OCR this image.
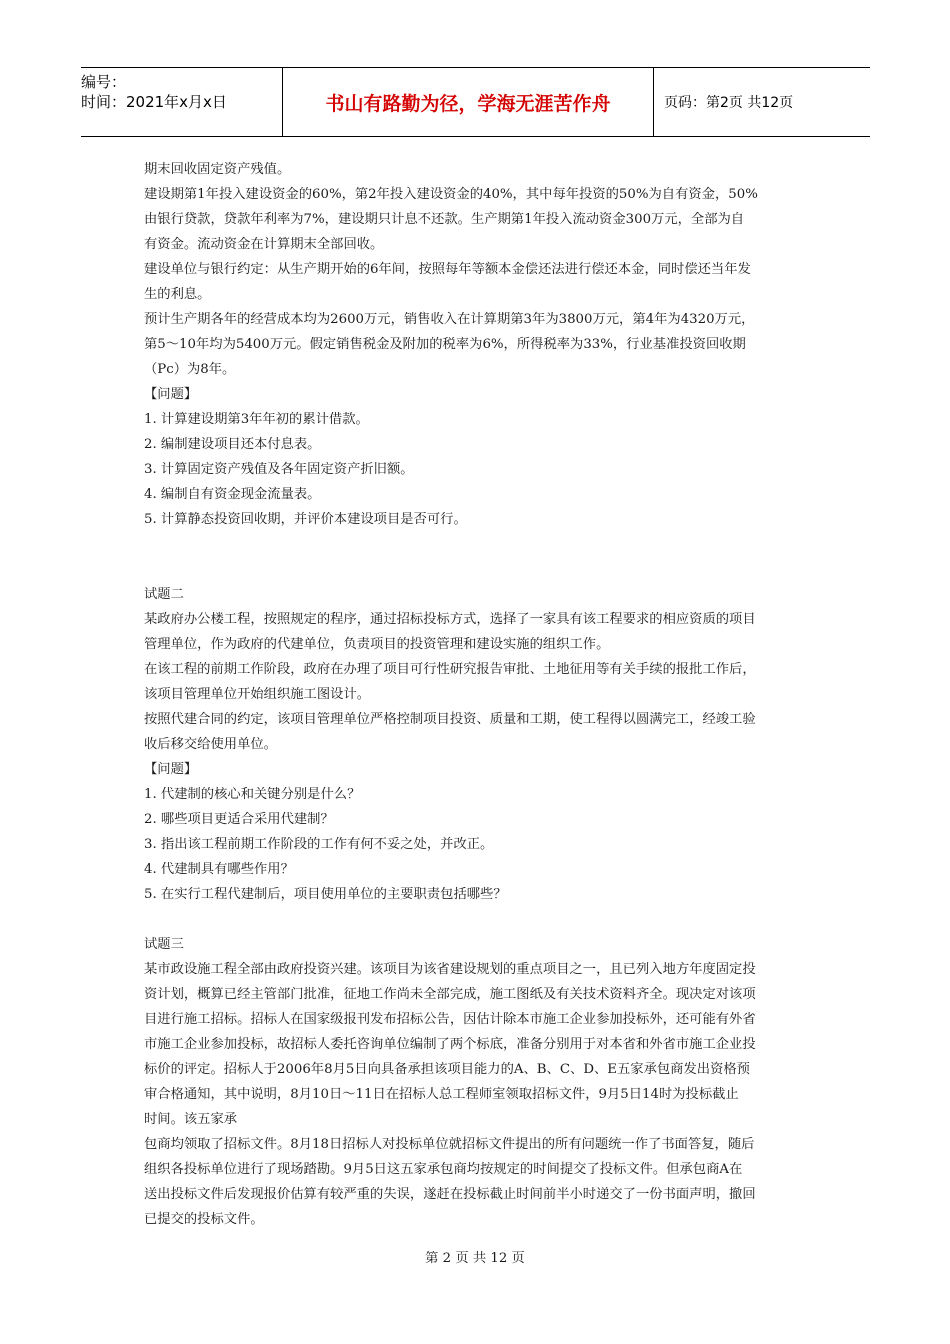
编号：
时间：2021年x月x日	书山有路勤为径，学海无涯苦作舟	页码：第2页 共12页

期末回收固定资产残值。

建设期第1年投入建设资金的60%，第2年投入建设资金的40%，其中每年投资的50%为自有资金，50%

由银行贷款，贷款年利率为7%，建设期只计息不还款。生产期第1年投入流动资金300万元，全部为自

有资金。流动资金在计算期末全部回收。

建设单位与银行约定：从生产期开始的6年间，按照每年等额本金偿还法进行偿还本金，同时偿还当年发

生的利息。

预计生产期各年的经营成本均为2600万元，销售收入在计算期第3年为3800万元，第4年为4320万元，

第5～10年均为5400万元。假定销售税金及附加的税率为6%，所得税率为33%，行业基准投资回收期

（Pc）为8年。

【问题】

1. 计算建设期第3年年初的累计借款。

2. 编制建设项目还本付息表。

3. 计算固定资产残值及各年固定资产折旧额。

4. 编制自有资金现金流量表。

5. 计算静态投资回收期，并评价本建设项目是否可行。

试题二

某政府办公楼工程，按照规定的程序，通过招标投标方式，选择了一家具有该工程要求的相应资质的项目

管理单位，作为政府的代建单位，负责项目的投资管理和建设实施的组织工作。

在该工程的前期工作阶段，政府在办理了项目可行性研究报告审批、土地征用等有关手续的报批工作后，

该项目管理单位开始组织施工图设计。

按照代建合同的约定，该项目管理单位严格控制项目投资、质量和工期，使工程得以圆满完工，经竣工验

收后移交给使用单位。

【问题】

1. 代建制的核心和关键分别是什么？

2. 哪些项目更适合采用代建制？

3. 指出该工程前期工作阶段的工作有何不妥之处，并改正。

4. 代建制具有哪些作用？

5. 在实行工程代建制后，项目使用单位的主要职责包括哪些？

试题三

某市政设施工程全部由政府投资兴建。该项目为该省建设规划的重点项目之一，且已列入地方年度固定投

资计划，概算已经主管部门批准，征地工作尚未全部完成，施工图纸及有关技术资料齐全。现决定对该项

目进行施工招标。招标人在国家级报刊发布招标公告，因估计除本市施工企业参加投标外，还可能有外省

市施工企业参加投标，故招标人委托咨询单位编制了两个标底，准备分别用于对本省和外省市施工企业投

标价的评定。招标人于2006年8月5日向具备承担该项目能力的A、B、C、D、E五家承包商发出资格预

审合格通知，其中说明，8月10日～11日在招标人总工程师室领取招标文件，9月5日14时为投标截止

时间。该五家承

包商均领取了招标文件。8月18日招标人对投标单位就招标文件提出的所有问题统一作了书面答复，随后

组织各投标单位进行了现场踏勘。9月5日这五家承包商均按规定的时间提交了投标文件。但承包商A在

送出投标文件后发现报价估算有较严重的失误，遂赶在投标截止时间前半小时递交了一份书面声明，撤回

已提交的投标文件。

第 2 页 共 12 页
